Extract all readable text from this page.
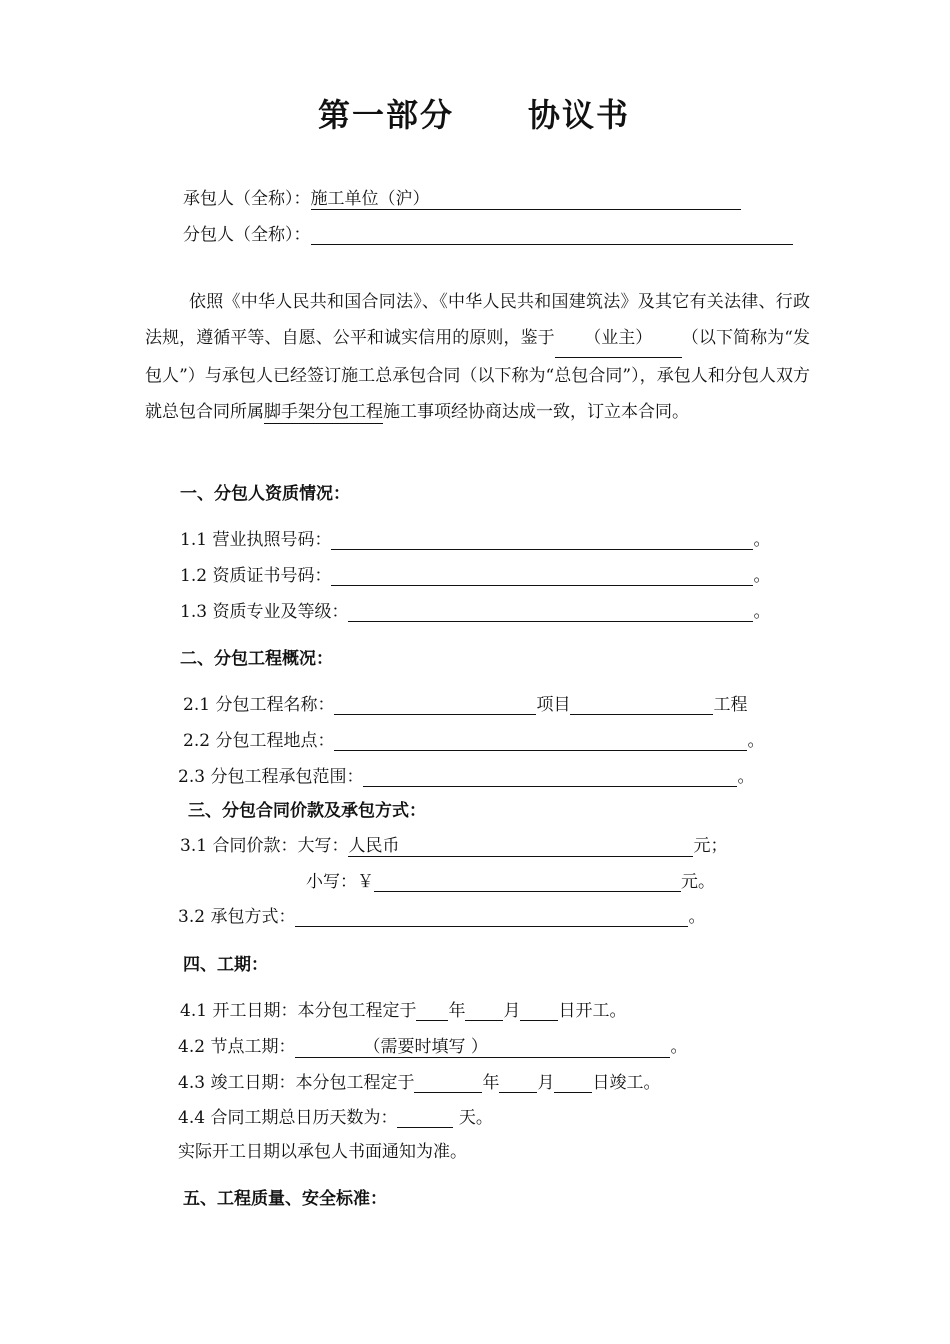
第一部分 协议书
承包人（全称）：施工单位（沪）
分包人（全称）：
依照《中华人民共和国合同法》、《中华人民共和国建筑法》及其它有关法律、行政法规，遵循平等、自愿、公平和诚实信用的原则，鉴于 （业主） （以下简称为“发包人”）与承包人已经签订施工总承包合同（以下称为“总包合同”），承包人和分包人双方就总包合同所属脚手架分包工程施工事项经协商达成一致，订立本合同。
一、分包人资质情况：
1.1 营业执照号码：	。
1.2 资质证书号码：	。
1.3 资质专业及等级：	。
二、分包工程概况：
2.1 分包工程名称：	项目	工程
2.2 分包工程地点：	。
2.3 分包工程承包范围：	。
三、分包合同价款及承包方式：
3.1 合同价款：大写：人民币	元；
小写：￥	元。
3.2 承包方式：	。
四、工期：
4.1 开工日期：本分包工程定于 年 月 日开工。
4.2 节点工期：	（需要时填写 ）	。
4.3 竣工日期：本分包工程定于	年 月 日竣工。
4.4 合同工期总日历天数为：	天。
实际开工日期以承包人书面通知为准。
五、工程质量、安全标准：
